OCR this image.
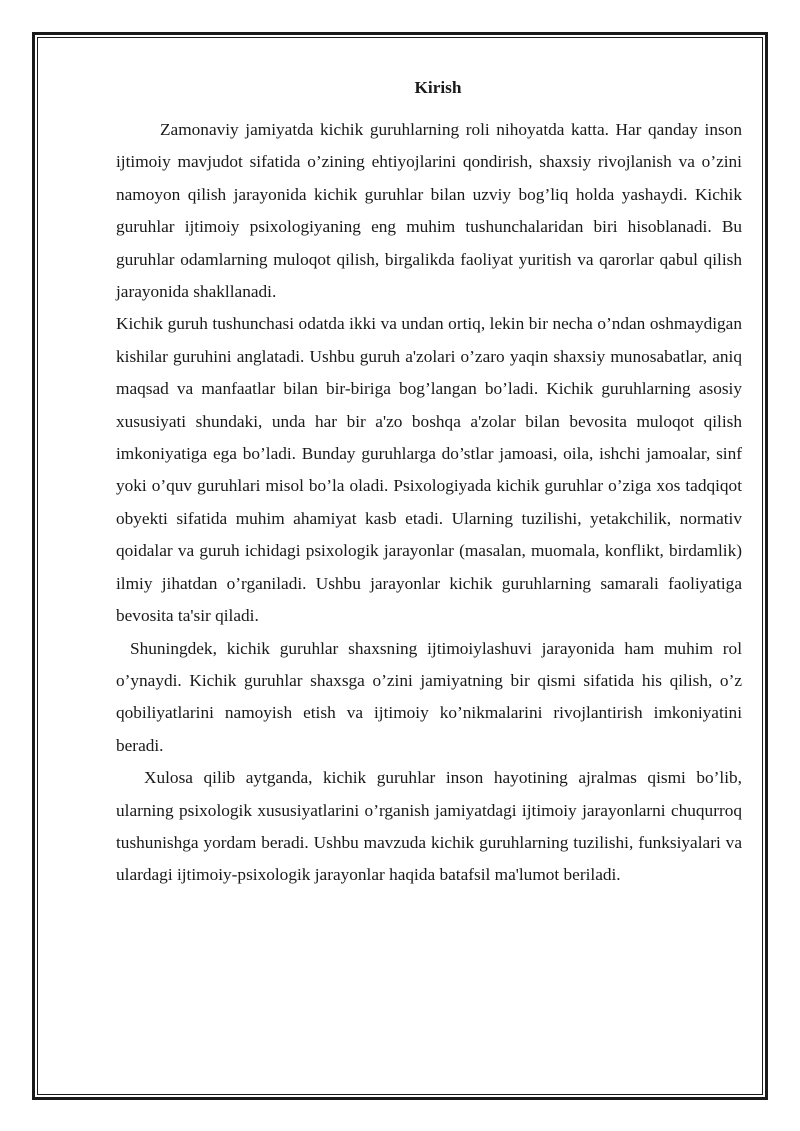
Kirish

Zamonaviy jamiyatda kichik guruhlarning roli nihoyatda katta. Har qanday inson ijtimoiy mavjudot sifatida o’zining ehtiyojlarini qondirish, shaxsiy rivojlanish va o’zini namoyon qilish jarayonida kichik guruhlar bilan uzviy bog’liq holda yashaydi. Kichik guruhlar ijtimoiy psixologiyaning eng muhim tushunchalaridan biri hisoblanadi. Bu guruhlar odamlarning muloqot qilish, birgalikda faoliyat yuritish va qarorlar qabul qilish jarayonida shakllanadi.

Kichik guruh tushunchasi odatda ikki va undan ortiq, lekin bir necha o’ndan oshmaydigan kishilar guruhini anglatadi. Ushbu guruh a'zolari o’zaro yaqin shaxsiy munosabatlar, aniq maqsad va manfaatlar bilan bir-biriga bog’langan bo’ladi. Kichik guruhlarning asosiy xususiyati shundaki, unda har bir a'zo boshqa a'zolar bilan bevosita muloqot qilish imkoniyatiga ega bo’ladi. Bunday guruhlarga do’stlar jamoasi, oila, ishchi jamoalar, sinf yoki o’quv guruhlari misol bo’la oladi. Psixologiyada kichik guruhlar o’ziga xos tadqiqot obyekti sifatida muhim ahamiyat kasb etadi. Ularning tuzilishi, yetakchilik, normativ qoidalar va guruh ichidagi psixologik jarayonlar (masalan, muomala, konflikt, birdamlik) ilmiy jihatdan o’rganiladi. Ushbu jarayonlar kichik guruhlarning samarali faoliyatiga bevosita ta'sir qiladi.

Shuningdek, kichik guruhlar shaxsning ijtimoiylashuvi jarayonida ham muhim rol o’ynaydi. Kichik guruhlar shaxsga o’zini jamiyatning bir qismi sifatida his qilish, o’z qobiliyatlarini namoyish etish va ijtimoiy ko’nikmalarini rivojlantirish imkoniyatini beradi.

Xulosa qilib aytganda, kichik guruhlar inson hayotining ajralmas qismi bo’lib, ularning psixologik xususiyatlarini o’rganish jamiyatdagi ijtimoiy jarayonlarni chuqurroq tushunishga yordam beradi. Ushbu mavzuda kichik guruhlarning tuzilishi, funksiyalari va ulardagi ijtimoiy-psixologik jarayonlar haqida batafsil ma'lumot beriladi.
